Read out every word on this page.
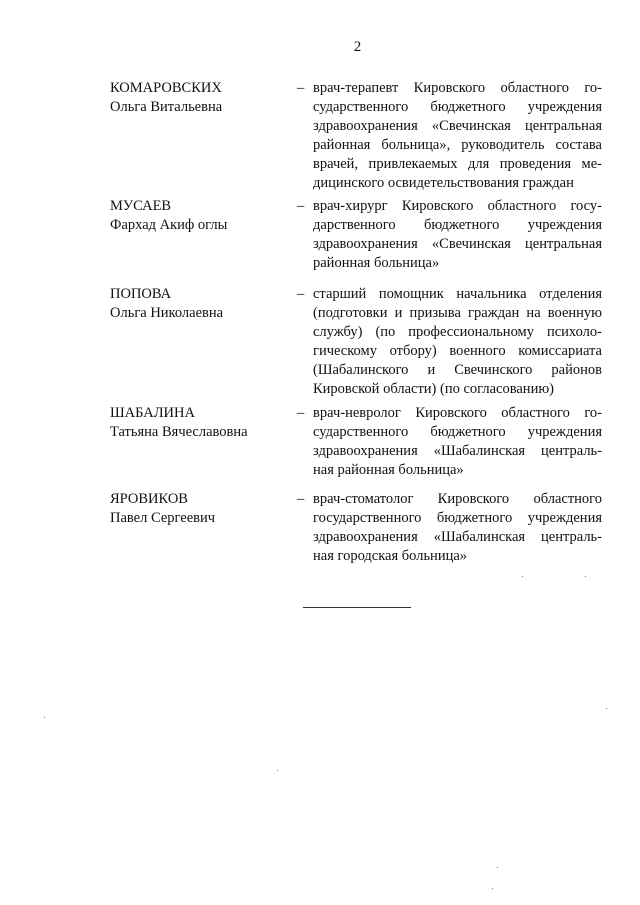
2
КОМАРОВСКИХ
Ольга Витальевна
– врач-терапевт Кировского областного го-
сударственного бюджетного учреждения
здравоохранения «Свечинская центральная
районная больница», руководитель состава
врачей, привлекаемых для проведения ме-
дицинского освидетельствования граждан
МУСАЕВ
Фархад Акиф оглы
– врач-хирург Кировского областного госу-
дарственного бюджетного учреждения
здравоохранения «Свечинская центральная
районная больница»
ПОПОВА
Ольга Николаевна
– старший помощник начальника отделения
(подготовки и призыва граждан на военную
службу) (по профессиональному психоло-
гическому отбору) военного комиссариата
(Шабалинского и Свечинского районов
Кировской области) (по согласованию)
ШАБАЛИНА
Татьяна Вячеславовна
– врач-невролог Кировского областного го-
сударственного бюджетного учреждения
здравоохранения «Шабалинская централь-
ная районная больница»
ЯРОВИКОВ
Павел Сергеевич
– врач-стоматолог Кировского областного
государственного бюджетного учреждения
здравоохранения «Шабалинская централь-
ная городская больница»
